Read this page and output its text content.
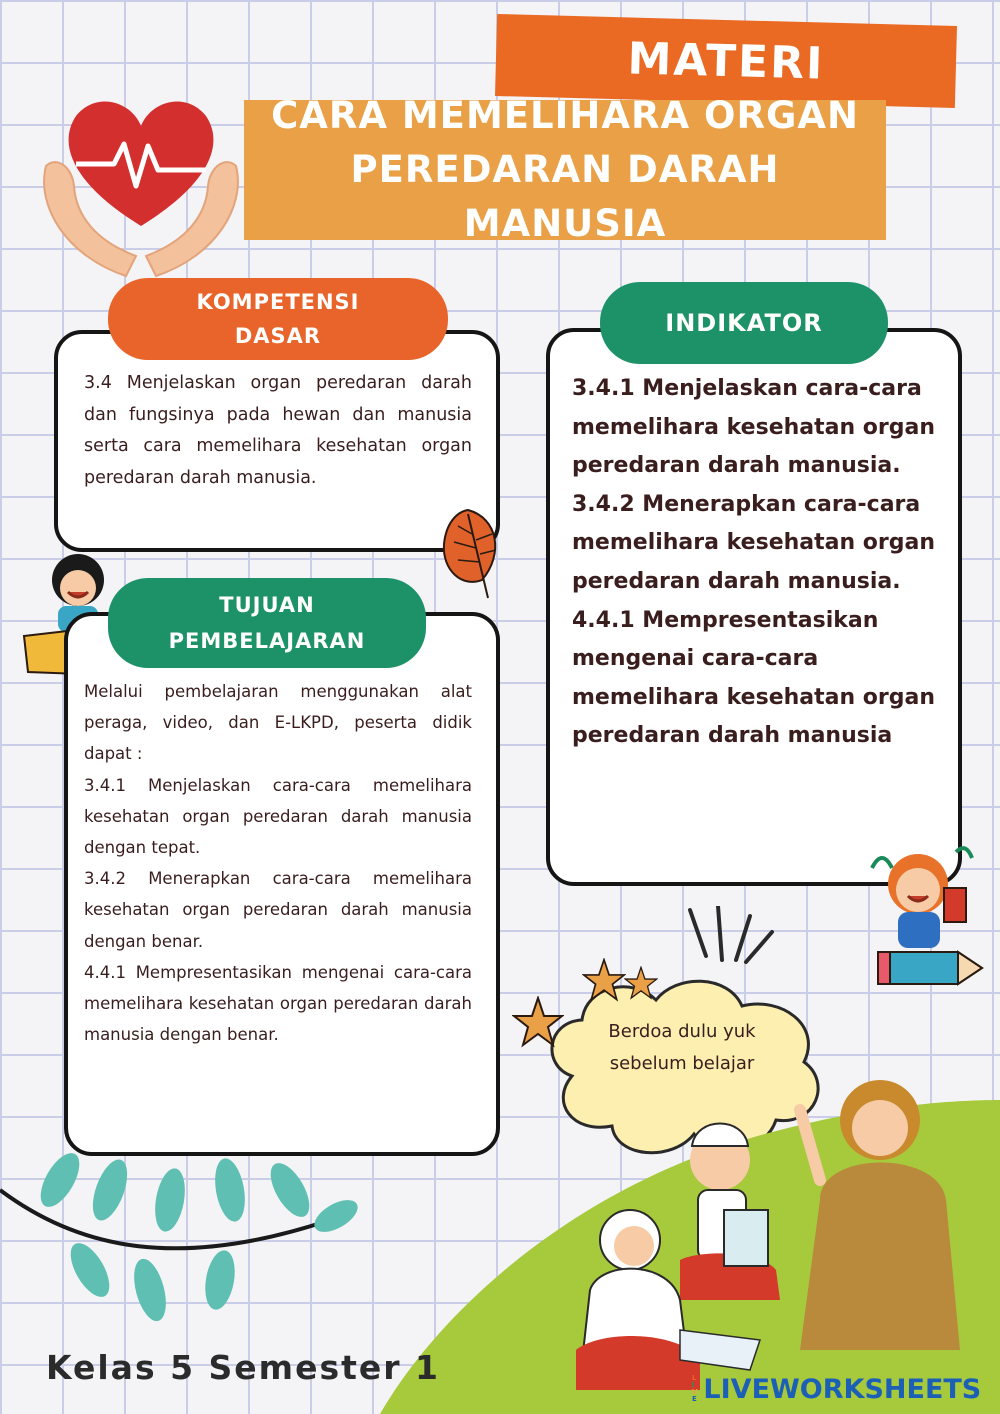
MATERI
CARA MEMELIHARA ORGAN
PEREDARAN DARAH MANUSIA
KOMPETENSI
DASAR
3.4 Menjelaskan organ peredaran darah dan fungsinya pada hewan dan manusia serta cara memelihara kesehatan organ peredaran darah manusia.
TUJUAN
PEMBELAJARAN

Melalui pembelajaran menggunakan alat peraga, video, dan E-LKPD, peserta didik dapat :

3.4.1 Menjelaskan cara-cara memelihara kesehatan organ peredaran darah manusia dengan tepat.

3.4.2 Menerapkan cara-cara memelihara kesehatan organ peredaran darah manusia dengan benar.

4.4.1 Mempresentasikan mengenai cara-cara memelihara kesehatan organ peredaran darah manusia dengan benar.

INDIKATOR

3.4.1 Menjelaskan cara-cara memelihara kesehatan organ peredaran darah manusia.

3.4.2 Menerapkan cara-cara memelihara kesehatan organ peredaran darah manusia.

4.4.1 Mempresentasikan mengenai cara-cara memelihara kesehatan organ peredaran darah manusia

Berdoa dulu yuk
sebelum belajar
Kelas 5 Semester 1	L
I
V
E LIVEWORKSHEETS
